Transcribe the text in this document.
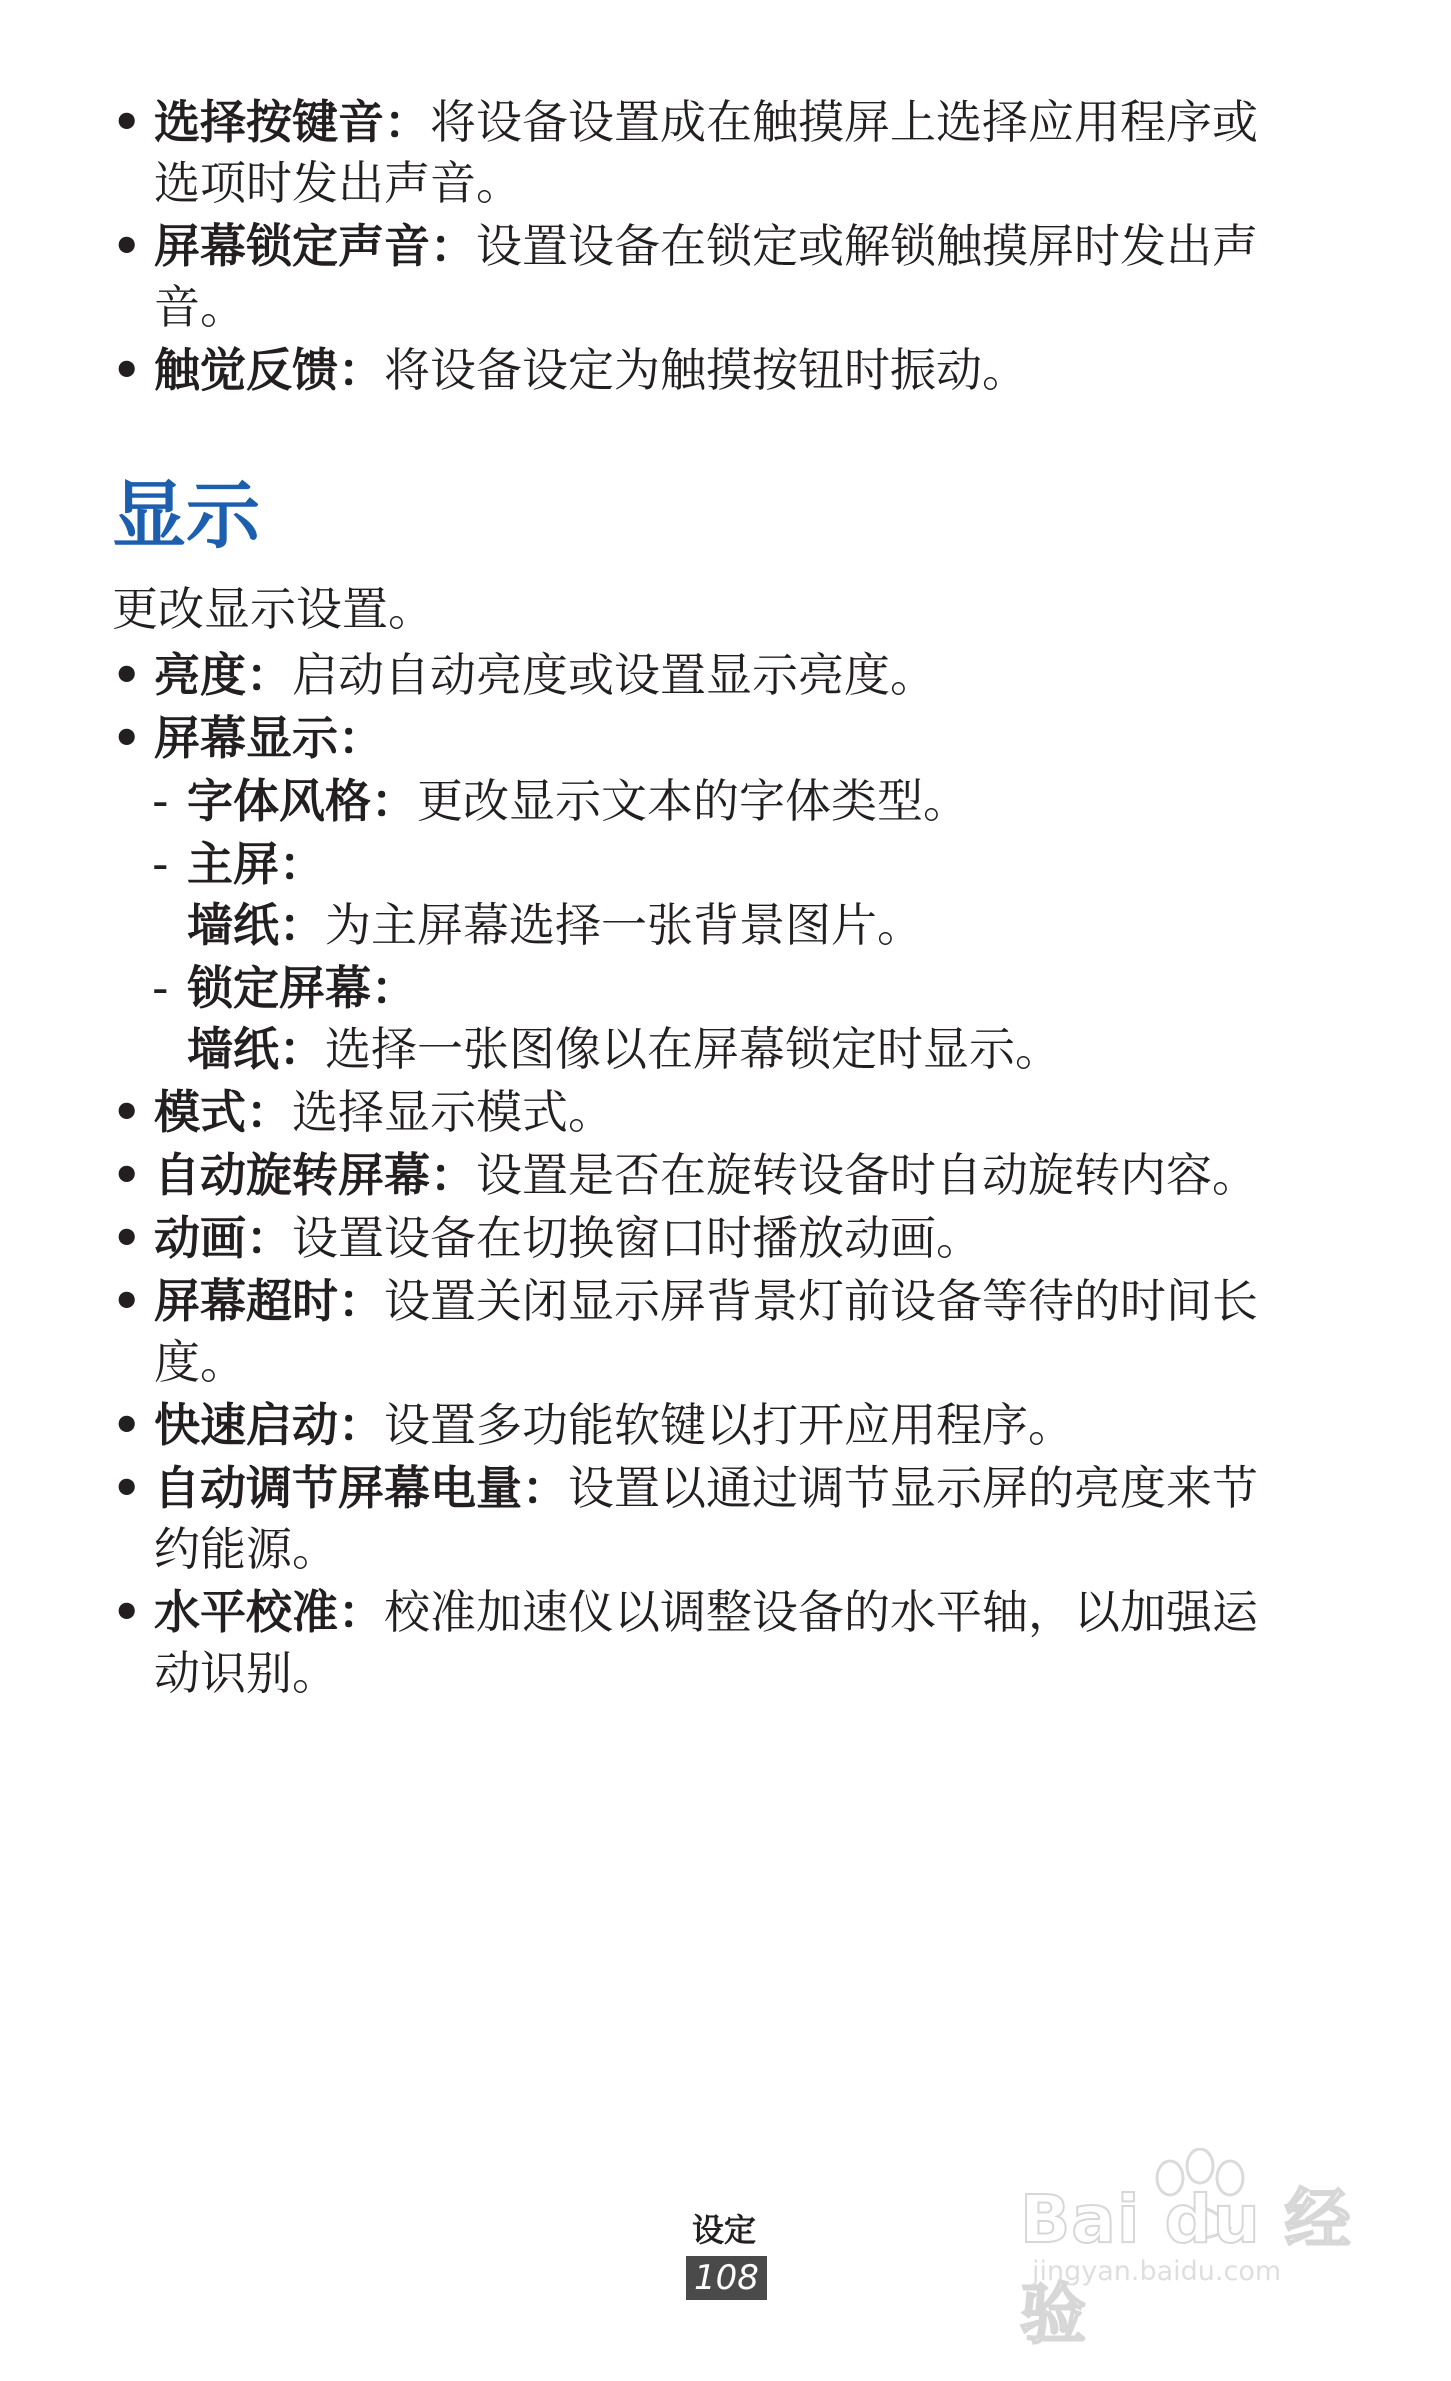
• 选择按键音：将设备设置成在触摸屏上选择应用程序或选项时发出声音。
• 屏幕锁定声音：设置设备在锁定或解锁触摸屏时发出声音。
• 触觉反馈：将设备设定为触摸按钮时振动。
显示
更改显示设置。
• 亮度：启动自动亮度或设置显示亮度。
• 屏幕显示：
- 字体风格：更改显示文本的字体类型。
- 主屏：
墙纸：为主屏幕选择一张背景图片。
- 锁定屏幕：
墙纸：选择一张图像以在屏幕锁定时显示。
• 模式：选择显示模式。
• 自动旋转屏幕：设置是否在旋转设备时自动旋转内容。
• 动画：设置设备在切换窗口时播放动画。
• 屏幕超时：设置关闭显示屏背景灯前设备等待的时间长度。
• 快速启动：设置多功能软键以打开应用程序。
• 自动调节屏幕电量：设置以通过调节显示屏的亮度来节约能源。
• 水平校准：校准加速仪以调整设备的水平轴，以加强运动识别。
设定
108
Bai du 经验
jingyan.baidu.com
